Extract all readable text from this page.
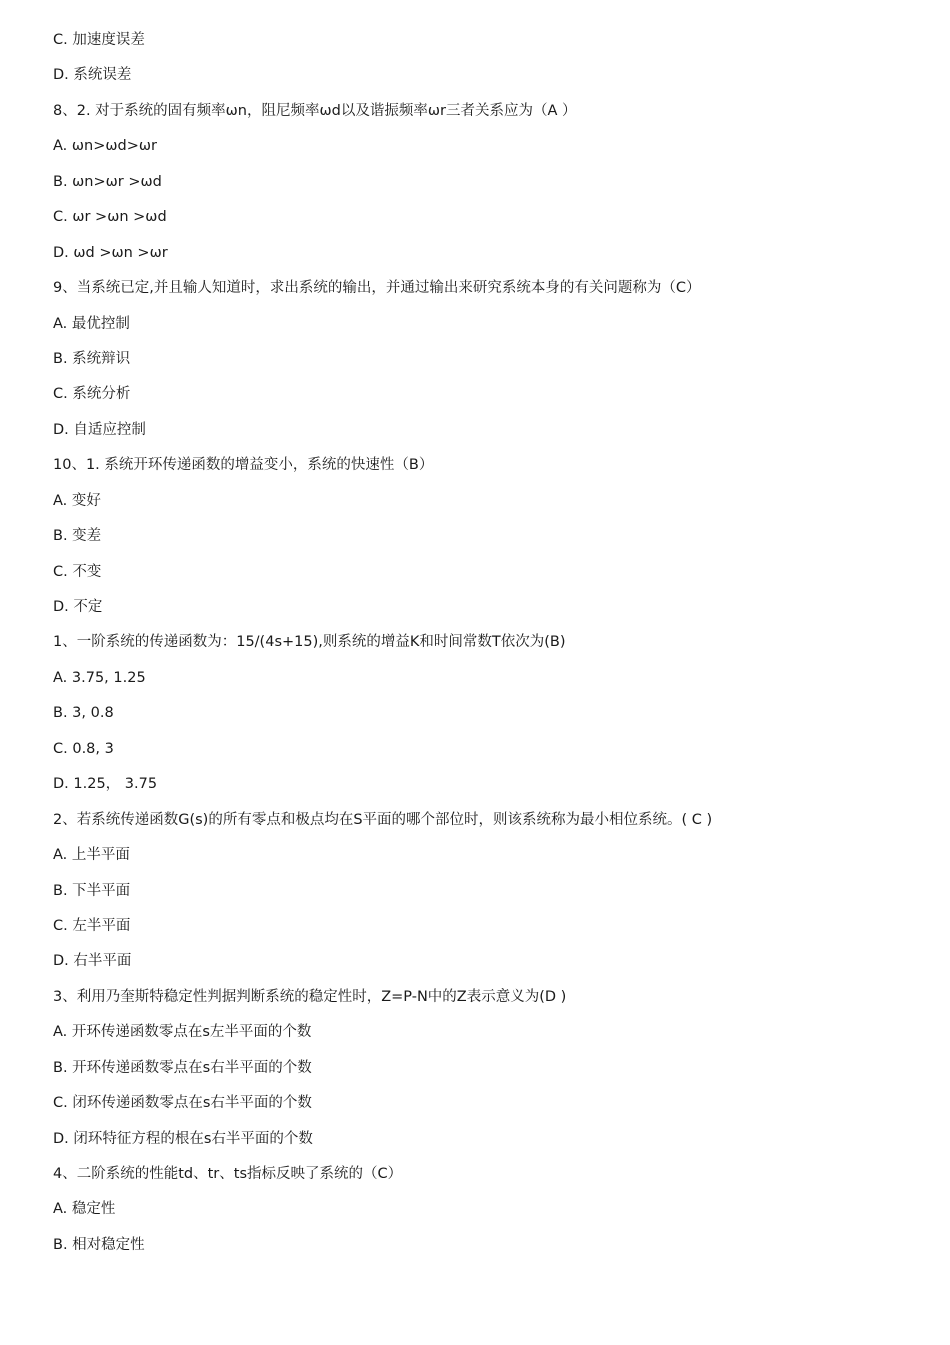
C. 加速度误差
D. 系统误差
8、2. 对于系统的固有频率ωn，阻尼频率ωd以及谐振频率ωr三者关系应为（A ）
A. ωn>ωd>ωr
B. ωn>ωr >ωd
C. ωr >ωn >ωd
D. ωd >ωn >ωr
9、当系统已定,并且输人知道时，求出系统的输出，并通过输出来研究系统本身的有关问题称为（C）
A. 最优控制
B. 系统辩识
C. 系统分析
D. 自适应控制
10、1. 系统开环传递函数的增益变小，系统的快速性（B）
A. 变好
B. 变差
C. 不变
D. 不定
1、一阶系统的传递函数为：15/(4s+15),则系统的增益K和时间常数T依次为(B)
A. 3.75, 1.25
B. 3, 0.8
C. 0.8, 3
D. 1.25， 3.75
2、若系统传递函数G(s)的所有零点和极点均在S平面的哪个部位时，则该系统称为最小相位系统。( C )
A. 上半平面
B. 下半平面
C. 左半平面
D. 右半平面
3、利用乃奎斯特稳定性判据判断系统的稳定性时，Z=P-N中的Z表示意义为(D )
A. 开环传递函数零点在s左半平面的个数
B. 开环传递函数零点在s右半平面的个数
C. 闭环传递函数零点在s右半平面的个数
D. 闭环特征方程的根在s右半平面的个数
4、二阶系统的性能td、tr、ts指标反映了系统的（C）
A. 稳定性
B. 相对稳定性
